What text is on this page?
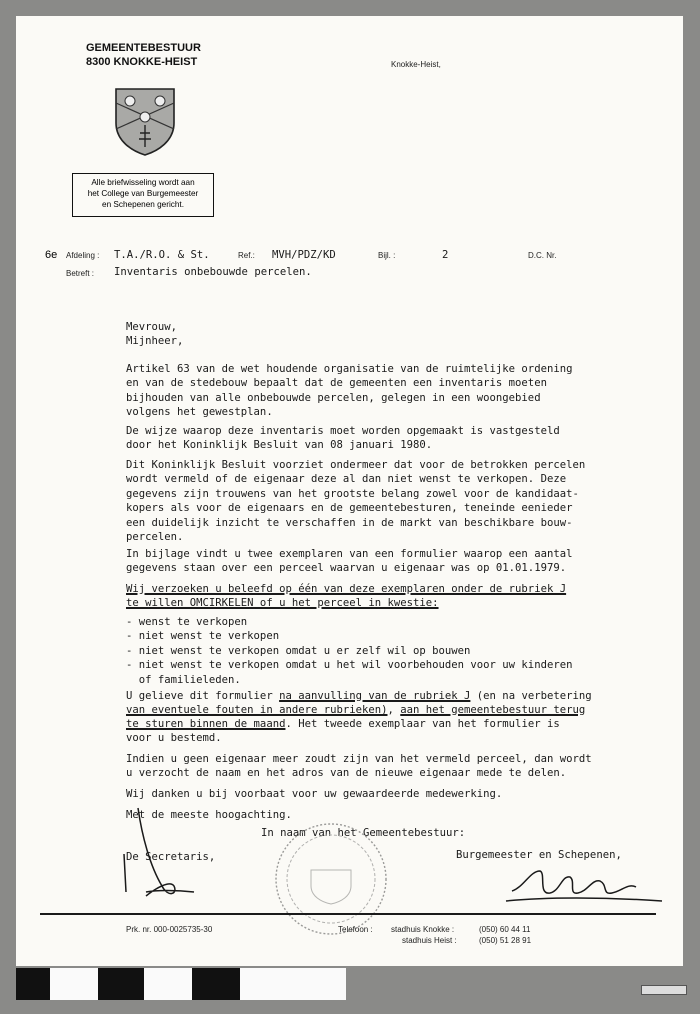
GEMEENTEBESTUUR
8300 KNOKKE-HEIST	Knokke-Heist,
Alle briefwisseling wordt aan
het College van Burgemeester
en Schepenen gericht.
6e Afdeling : T.A./R.O. & St.	Ref.: MVH/PDZ/KD	Bijl. :	2	D.C. Nr.
Betreft : Inventaris onbebouwde percelen.
Mevrouw,
Mijnheer,
Artikel 63 van de wet houdende organisatie van de ruimtelijke ordening
en van de stedebouw bepaalt dat de gemeenten een inventaris moeten
bijhouden van alle onbebouwde percelen, gelegen in een woongebied
volgens het gewestplan.
De wijze waarop deze inventaris moet worden opgemaakt is vastgesteld
door het Koninklijk Besluit van 08 januari 1980.
Dit Koninklijk Besluit voorziet ondermeer dat voor de betrokken percelen
wordt vermeld of de eigenaar deze al dan niet wenst te verkopen. Deze
gegevens zijn trouwens van het grootste belang zowel voor de kandidaat-
kopers als voor de eigenaars en de gemeentebesturen, teneinde eenieder
een duidelijk inzicht te verschaffen in de markt van beschikbare bouw-
percelen.
In bijlage vindt u twee exemplaren van een formulier waarop een aantal
gegevens staan over een perceel waarvan u eigenaar was op 01.01.1979.
Wij verzoeken u beleefd op één van deze exemplaren onder de rubriek J
te willen OMCIRKELEN of u het perceel in kwestie:
- wenst te verkopen
- niet wenst te verkopen
- niet wenst te verkopen omdat u er zelf wil op bouwen
- niet wenst te verkopen omdat u het wil voorbehouden voor uw kinderen
of familieleden.
U gelieve dit formulier na aanvulling van de rubriek J (en na verbetering
van eventuele fouten in andere rubrieken), aan het gemeentebestuur terug
te sturen binnen de maand. Het tweede exemplaar van het formulier is
voor u bestemd.
Indien u geen eigenaar meer zoudt zijn van het vermeld perceel, dan wordt
u verzocht de naam en het adros van de nieuwe eigenaar mede te delen.
Wij danken u bij voorbaat voor uw gewaardeerde medewerking.
Met de meeste hoogachting.
In naam van het Gemeentebestuur:
De Secretaris,	Burgemeester en Schepenen,
Prk. nr. 000-0025735-30	Telefoon : stadhuis Knokke :	(050) 60 44 11
stadhuis Heist :	(050) 51 28 91
